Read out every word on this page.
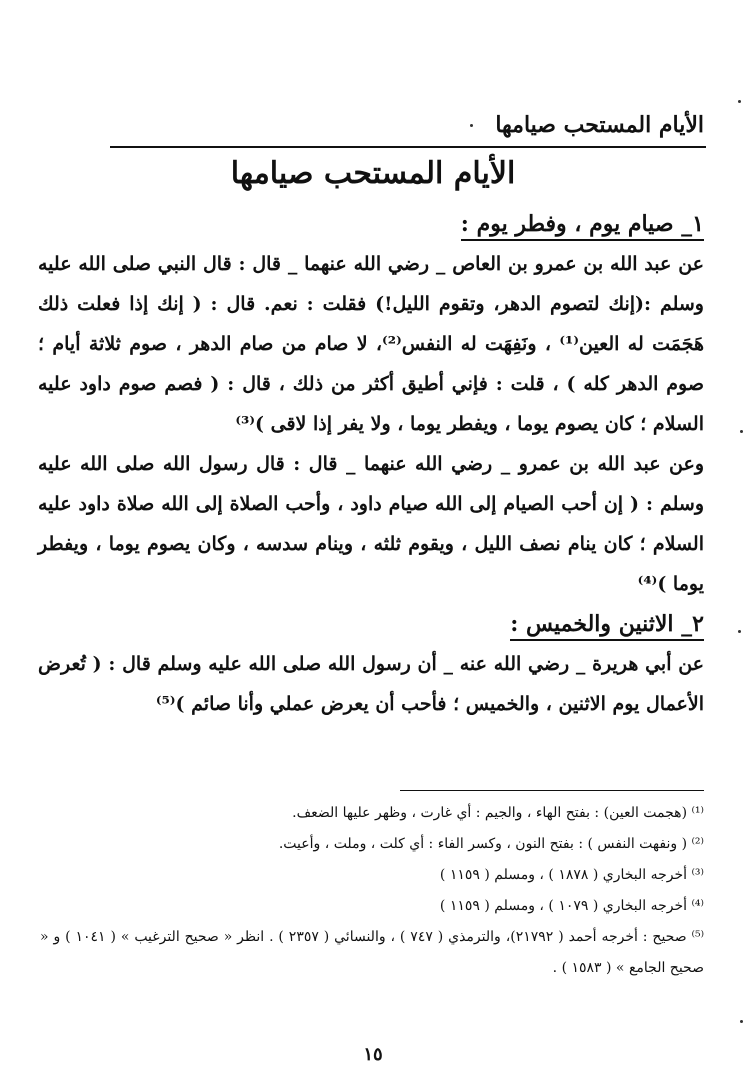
الأيام المستحب صيامها
الأيام المستحب صيامها
١_ صيام يوم ، وفطر يوم :

عن عبد الله بن عمرو بن العاص _ رضي الله عنهما _ قال : قال النبي صلى الله عليه وسلم :(إنك لتصوم الدهر، وتقوم الليل!) فقلت : نعم. قال : ( إنك إذا فعلت ذلك هَجَمَت له العين⁽¹⁾ ، ونَفِهَت له النفس⁽²⁾، لا صام من صام الدهر ، صوم ثلاثة أيام ؛ صوم الدهر كله ) ، قلت : فإني أطيق أكثر من ذلك ، قال : ( فصم صوم داود عليه السلام ؛ كان يصوم يوما ، ويفطر يوما ، ولا يفر إذا لاقى )⁽³⁾

وعن عبد الله بن عمرو _ رضي الله عنهما _ قال : قال رسول الله صلى الله عليه وسلم : ( إن أحب الصيام إلى الله صيام داود ، وأحب الصلاة إلى الله صلاة داود عليه السلام ؛ كان ينام نصف الليل ، ويقوم ثلثه ، وينام سدسه ، وكان يصوم يوما ، ويفطر يوما )⁽⁴⁾

٢_ الاثنين والخميس :

عن أبي هريرة _ رضي الله عنه _ أن رسول الله صلى الله عليه وسلم قال : ( تُعرض الأعمال يوم الاثنين ، والخميس ؛ فأحب أن يعرض عملي وأنا صائم )⁽⁵⁾

⁽¹⁾ (هجمت العين) : بفتح الهاء ، والجيم : أي غارت ، وظهر عليها الضعف.

⁽²⁾ ( ونفهت النفس ) : بفتح النون ، وكسر الفاء : أي كلت ، وملت ، وأعيت.

⁽³⁾ أخرجه البخاري ( ١٨٧٨ ) ، ومسلم ( ١١٥٩ )

⁽⁴⁾ أخرجه البخاري ( ١٠٧٩ ) ، ومسلم ( ١١٥٩ )

⁽⁵⁾ صحيح : أخرجه أحمد ( ٢١٧٩٢)، والترمذي ( ٧٤٧ ) ، والنسائي ( ٢٣٥٧ ) . انظر « صحيح الترغيب » ( ١٠٤١ ) و « صحيح الجامع » ( ١٥٨٣ ) .

١٥
